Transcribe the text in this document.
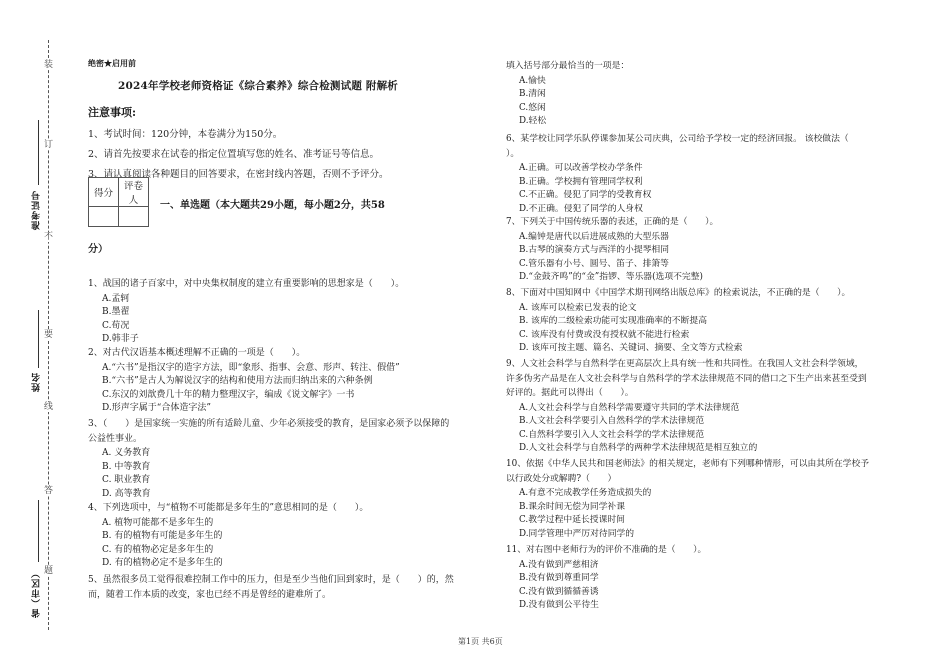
装
订
不
要
线
答
题
准考证号
姓名
省（市区）
绝密★启用前
2024年学校老师资格证《综合素养》综合检测试题 附解析
注意事项:
1、考试时间：120分钟，本卷满分为150分。
2、请首先按要求在试卷的指定位置填写您的姓名、准考证号等信息。
3、请认真阅读各种题目的回答要求，在密封线内答题，否则不予评分。
得分	评卷人
	一、单选题（本大题共29小题，每小题2分，共58
分）
1、战国的诸子百家中，对中央集权制度的建立有重要影响的思想家是（　　）。
A.孟轲
B.墨翟
C.荀况
D.韩非子
2、对古代汉语基本概述理解不正确的一项是（　　）。
A.“六书”是指汉字的造字方法，即“象形、指事、会意、形声、转注、假借”
B.“六书”是古人为解说汉字的结构和使用方法而归纳出来的六种条例
C.东汉的刘歆费几十年的精力整理汉字，编成《说文解字》一书
D.形声字属于“合体造字法”
3、（　　）是国家统一实施的所有适龄儿童、少年必须接受的教育，是国家必须予以保障的
公益性事业。
A. 义务教育
B. 中等教育
C. 职业教育
D. 高等教育
4、下列选项中，与“植物不可能都是多年生的”意思相同的是（　　）。
A. 植物可能都不是多年生的
B. 有的植物有可能是多年生的
C. 有的植物必定是多年生的
D. 有的植物必定不是多年生的
5、虽然很多员工觉得很难控制工作中的压力，但是至少当他们回到家时，是（　　）的，然
而，随着工作本质的改变，家也已经不再是曾经的避难所了。
填入括号部分最恰当的一项是：
A.愉快
B.清闲
C.悠闲
D.轻松
6、某学校让同学乐队停课参加某公司庆典，公司给予学校一定的经济回报。 该校做法（
）。
A.正确。可以改善学校办学条件
B.正确。学校拥有管理同学权利
C.不正确。侵犯了同学的受教育权
D.不正确。侵犯了同学的人身权
7、下列关于中国传统乐器的表述，正确的是（　　）。
A.编钟是唐代以后进展成熟的大型乐器
B.古琴的演奏方式与西洋的小提琴相同
C.管乐器有小号、圆号、笛子、排箫等
D.“金鼓齐鸣”的“金”指锣、等乐器(选项不完整)
8、下面对中国知网中《中国学术期刊网络出版总库》的检索说法，不正确的是（　　）。
A. 该库可以检索已发表的论文
B. 该库的二级检索功能可实现准确率的不断提高
C. 该库没有付费或没有授权就不能进行检索
D. 该库可按主题、篇名、关键词、摘要、全文等方式检索
9、人文社会科学与自然科学在更高层次上具有统一性和共同性。在我国人文社会科学领域，
许多伪劣产品是在人文社会科学与自然科学的学术法律规范不同的借口之下生产出来甚至受到
好评的。据此可以得出（　　）。
A.人文社会科学与自然科学需要遵守共同的学术法律规范
B.人文社会科学要引入自然科学的学术法律规范
C.自然科学要引入人文社会科学的学术法律规范
D.人文社会科学与自然科学的两种学术法律规范是相互独立的
10、依据《中华人民共和国老师法》的相关规定，老师有下列哪种情形，可以由其所在学校予
以行政处分或解聘?（　　）
A.有意不完成教学任务造成损失的
B.课余时间无偿为同学补课
C.教学过程中延长授课时间
D.同学管理中严厉对待同学的
11、对右图中老师行为的评价不准确的是（　　）。
A.没有做到严慈相济
B.没有做到尊重同学
C.没有做到循循善诱
D.没有做到公平待生
第1页 共6页
